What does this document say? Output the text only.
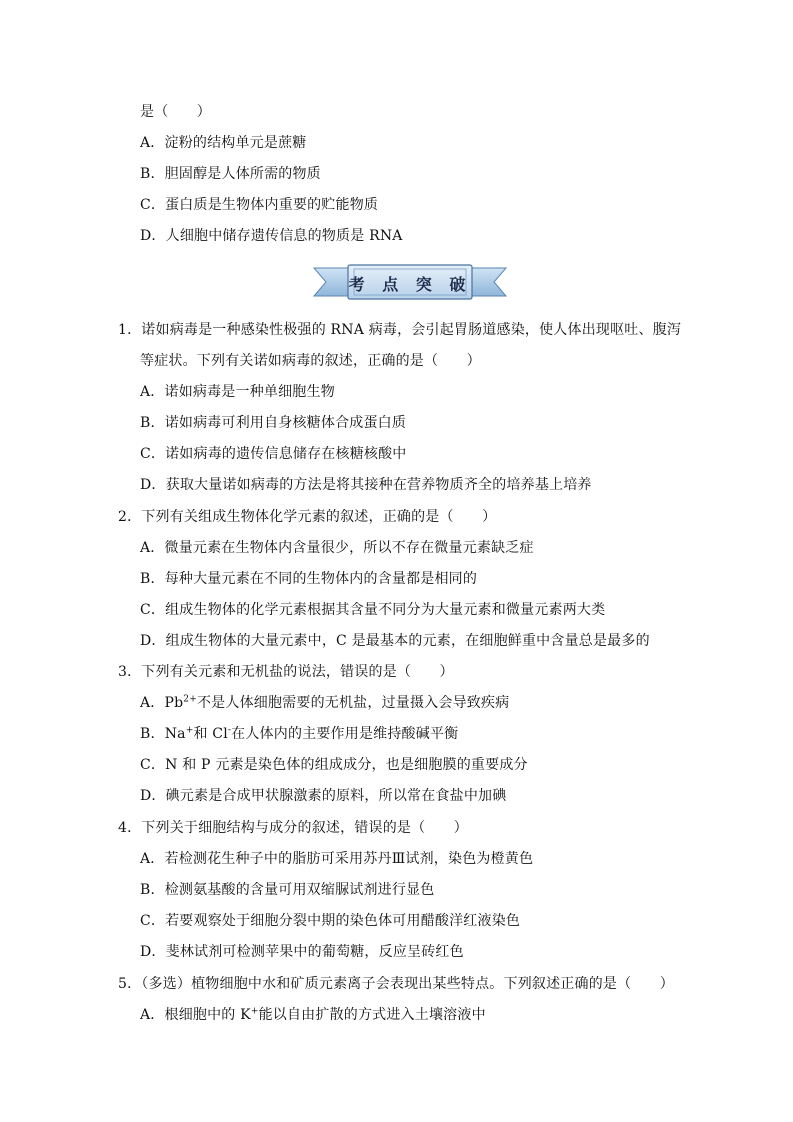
是（　　）
A．淀粉的结构单元是蔗糖
B．胆固醇是人体所需的物质
C．蛋白质是生物体内重要的贮能物质
D．人细胞中储存遗传信息的物质是 RNA
考 点 突 破
1．诺如病毒是一种感染性极强的 RNA 病毒，会引起胃肠道感染，使人体出现呕吐、腹泻
等症状。下列有关诺如病毒的叙述，正确的是（　　）
A．诺如病毒是一种单细胞生物
B．诺如病毒可利用自身核糖体合成蛋白质
C．诺如病毒的遗传信息储存在核糖核酸中
D．获取大量诺如病毒的方法是将其接种在营养物质齐全的培养基上培养
2．下列有关组成生物体化学元素的叙述，正确的是（　　）
A．微量元素在生物体内含量很少，所以不存在微量元素缺乏症
B．每种大量元素在不同的生物体内的含量都是相同的
C．组成生物体的化学元素根据其含量不同分为大量元素和微量元素两大类
D．组成生物体的大量元素中，C 是最基本的元素，在细胞鲜重中含量总是最多的
3．下列有关元素和无机盐的说法，错误的是（　　）
A．$Pb^{2+}$不是人体细胞需要的无机盐，过量摄入会导致疾病
B．Na+和 Cl-在人体内的主要作用是维持酸碱平衡
C．N 和 P 元素是染色体的组成成分，也是细胞膜的重要成分
D．碘元素是合成甲状腺激素的原料，所以常在食盐中加碘
4．下列关于细胞结构与成分的叙述，错误的是（　　）
A．若检测花生种子中的脂肪可采用苏丹Ⅲ试剂，染色为橙黄色
B．检测氨基酸的含量可用双缩脲试剂进行显色
C．若要观察处于细胞分裂中期的染色体可用醋酸洋红液染色
D．斐林试剂可检测苹果中的葡萄糖，反应呈砖红色
5．（多选）植物细胞中水和矿质元素离子会表现出某些特点。下列叙述正确的是（　　）
A．根细胞中的 K+能以自由扩散的方式进入土壤溶液中
